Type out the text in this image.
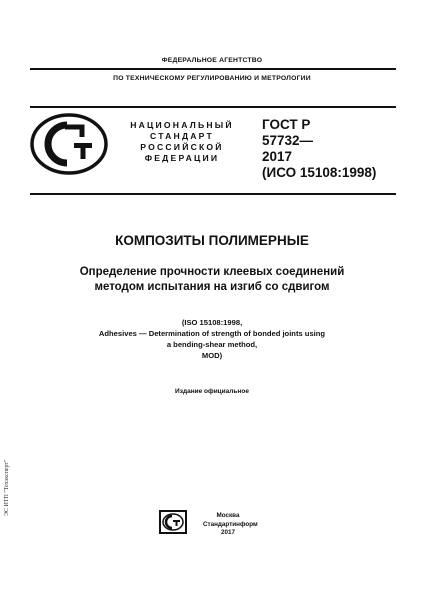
ФЕДЕРАЛЬНОЕ АГЕНТСТВО
ПО ТЕХНИЧЕСКОМУ РЕГУЛИРОВАНИЮ И МЕТРОЛОГИИ
НАЦИОНАЛЬНЫЙ
СТАНДАРТ
РОССИЙСКОЙ
ФЕДЕРАЦИИ
ГОСТ Р
57732—
2017
(ИСО 15108:1998)
КОМПОЗИТЫ ПОЛИМЕРНЫЕ
Определение прочности клеевых соединений
методом испытания на изгиб со сдвигом
(ISO 15108:1998,
Adhesives — Determination of strength of bonded joints using
a bending-shear method,
MOD)
Издание официальное
Москва
Стандартинформ
2017
ЭС ИТП "Техэксперт"
